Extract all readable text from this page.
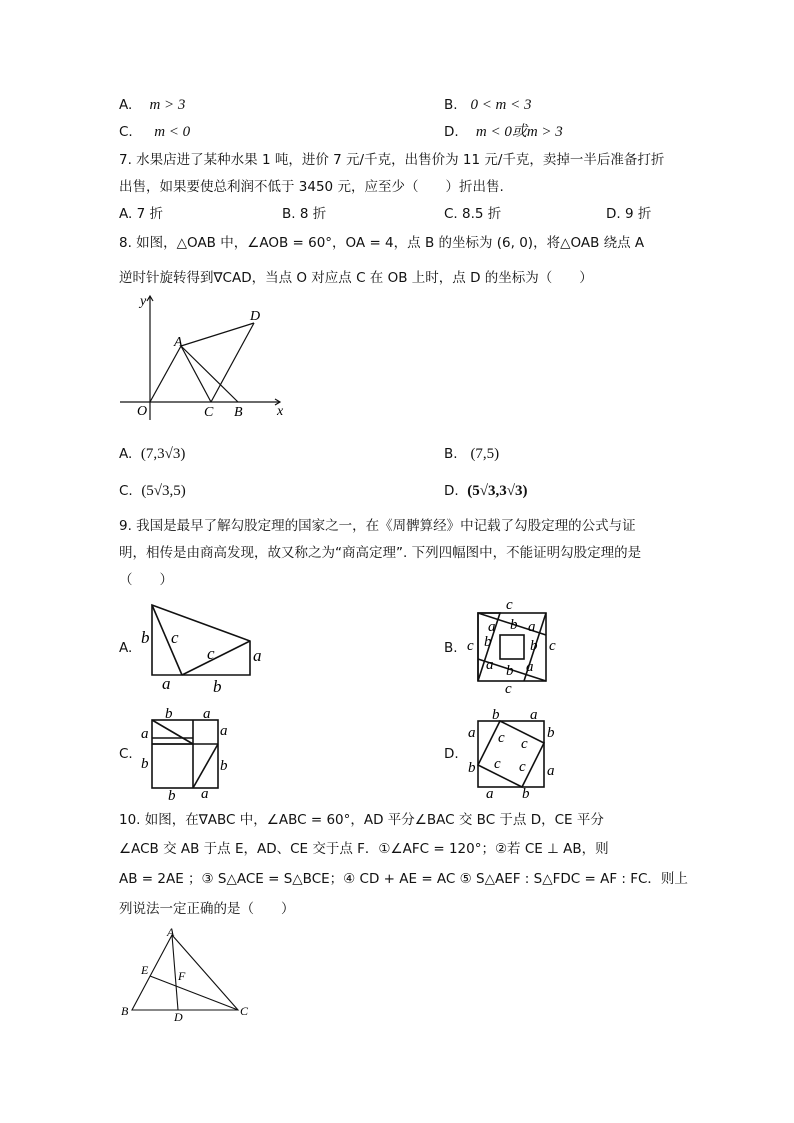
A. m > 3	B. 0 < m < 3
C. m < 0	D. m < 0或m > 3
7. 水果店进了某种水果 1 吨，进价 7 元/千克，出售价为 11 元/千克，卖掉一半后准备打折
出售，如果要使总利润不低于 3450 元，应至少（　　）折出售.
A. 7 折	B. 8 折	C. 8.5 折	D. 9 折
8. 如图，△OAB 中，∠AOB = 60°，OA = 4，点 B 的坐标为 (6, 0)，将△OAB 绕点 A
逆时针旋转得到∇CAD，当点 O 对应点 C 在 OB 上时，点 D 的坐标为（　　）
y
x
O
A
C B
D
A. (7,3√3)	B. (7,5)
C. (5√3,5)	D. (5√3,3√3)
9. 我国是最早了解勾股定理的国家之一，在《周髀算经》中记载了勾股定理的公式与证
明，相传是由商高发现，故又称之为“商高定理”. 下列四幅图中，不能证明勾股定理的是
（　　）
A.	B.
C.	D.
b c
c a
a	b
c
c	c
c
a b a
b	b
a b a
b a
a	a
b	b
b a
b a
a	b
b	a
a b
c c
c c
10. 如图，在∇ABC 中，∠ABC = 60°，AD 平分∠BAC 交 BC 于点 D，CE 平分
∠ACB 交 AB 于点 E，AD、CE 交于点 F．①∠AFC = 120°；②若 CE ⊥ AB，则
AB = 2AE ；③ S△ACE = S△BCE；④ CD + AE = AC ⑤ S△AEF : S△FDC = AF : FC．则上
列说法一定正确的是（　　）
A
B	C
D
E F
